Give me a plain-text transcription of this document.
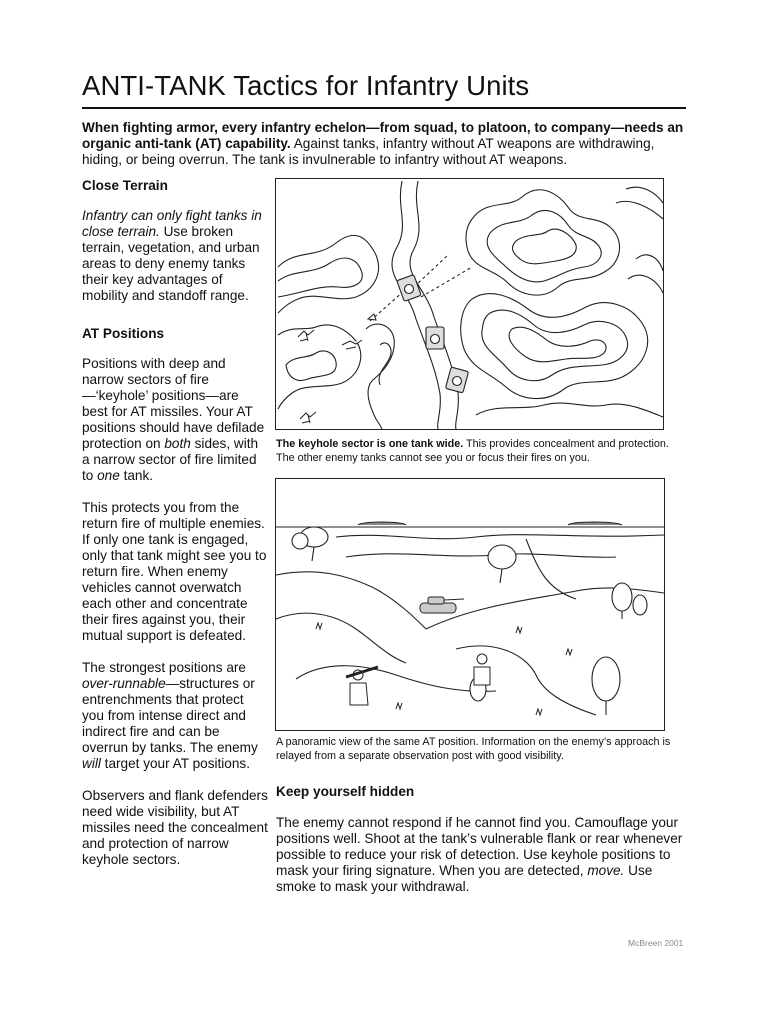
ANTI-TANK Tactics for Infantry Units

When fighting armor, every infantry echelon—from squad, to platoon, to company—needs an organic anti-tank (AT) capability. Against tanks, infantry without AT weapons are withdrawing, hiding, or being overrun. The tank is invulnerable to infantry without AT weapons.

Close Terrain

Infantry can only fight tanks in close terrain. Use broken terrain, vegetation, and urban areas to deny enemy tanks their key advantages of mobility and standoff range.

AT Positions

Positions with deep and narrow sectors of fire—‘keyhole’ positions—are best for AT missiles. Your AT positions should have defilade protection on both sides, with a narrow sector of fire limited to one tank.

This protects you from the return fire of multiple enemies. If only one tank is engaged, only that tank might see you to return fire. When enemy vehicles cannot overwatch each other and concentrate their fires against you, their mutual support is defeated.

The strongest positions are over-runnable—structures or entrenchments that protect you from intense direct and indirect fire and can be overrun by tanks. The enemy will target your AT positions.

Observers and flank defenders need wide visibility, but AT missiles need the concealment and protection of narrow keyhole sectors.

The keyhole sector is one tank wide. This provides concealment and protection. The other enemy tanks cannot see you or focus their fires on you.

A panoramic view of the same AT position. Information on the enemy’s approach is relayed from a separate observation post with good visibility.

Keep yourself hidden

The enemy cannot respond if he cannot find you. Camouflage your positions well. Shoot at the tank’s vulnerable flank or rear whenever possible to reduce your risk of detection. Use keyhole positions to mask your firing signature. When you are detected, move. Use smoke to mask your withdrawal.

McBreen 2001
